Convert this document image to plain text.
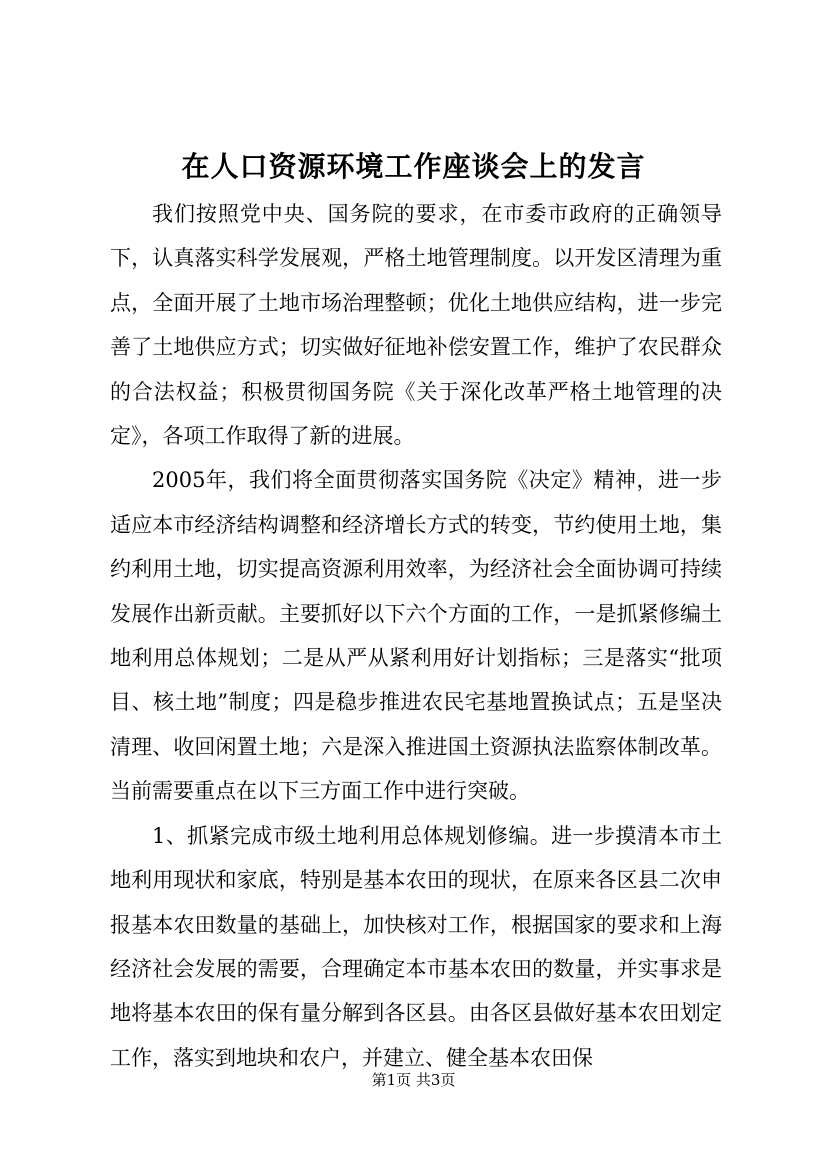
在人口资源环境工作座谈会上的发言

我们按照党中央、国务院的要求，在市委市政府的正确领导下，认真落实科学发展观，严格土地管理制度。以开发区清理为重点，全面开展了土地市场治理整顿；优化土地供应结构，进一步完善了土地供应方式；切实做好征地补偿安置工作，维护了农民群众的合法权益；积极贯彻国务院《关于深化改革严格土地管理的决定》，各项工作取得了新的进展。

2005年，我们将全面贯彻落实国务院《决定》精神，进一步适应本市经济结构调整和经济增长方式的转变，节约使用土地，集约利用土地，切实提高资源利用效率，为经济社会全面协调可持续发展作出新贡献。主要抓好以下六个方面的工作，一是抓紧修编土地利用总体规划；二是从严从紧利用好计划指标；三是落实“批项目、核土地”制度；四是稳步推进农民宅基地置换试点；五是坚决清理、收回闲置土地；六是深入推进国土资源执法监察体制改革。当前需要重点在以下三方面工作中进行突破。

1、抓紧完成市级土地利用总体规划修编。进一步摸清本市土地利用现状和家底，特别是基本农田的现状，在原来各区县二次申报基本农田数量的基础上，加快核对工作，根据国家的要求和上海经济社会发展的需要，合理确定本市基本农田的数量，并实事求是地将基本农田的保有量分解到各区县。由各区县做好基本农田划定工作，落实到地块和农户，并建立、健全基本农田保

第1页 共3页
